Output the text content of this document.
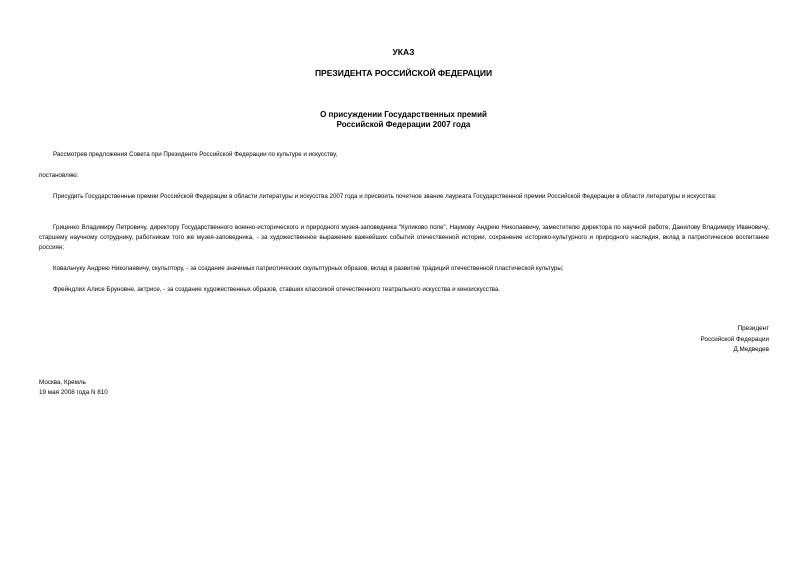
УКАЗ
ПРЕЗИДЕНТА РОССИЙСКОЙ ФЕДЕРАЦИИ
О присуждении Государственных премий
Российской Федерации 2007 года

Рассмотрев предложения Совета при Президенте Российской Федерации по культуре и искусству,

постановляю:

Присудить Государственные премии Российской Федерации в области литературы и искусства 2007 года и присвоить почетное звание лауреата Государственной премии Российской Федерации в области литературы и искусства:

Гриценко Владимиру Петровичу, директору Государственного военно-исторического и природного музея-заповедника "Куликово поле", Наумову Андрею Николаевичу, заместителю директора по научной работе, Данилову Владимиру Ивановичу, старшему научному сотруднику, работникам того же музея-заповедника, - за художественное выражение важнейших событий отечественной истории, сохранение историко-культурного и природного наследия, вклад в патриотическое воспитание россиян;

Ковальчуку Андрею Николаевичу, скульптору, - за создание значимых патриотических скульптурных образов, вклад в развитие традиций отечественной пластической культуры;

Фрейндлих Алисе Бруновне, актрисе, - за создание художественных образов, ставших классикой отечественного театрального искусства и киноискусства.

Президент
Российской Федерации
Д.Медведев
Москва, Кремль
19 мая 2008 года N 810
